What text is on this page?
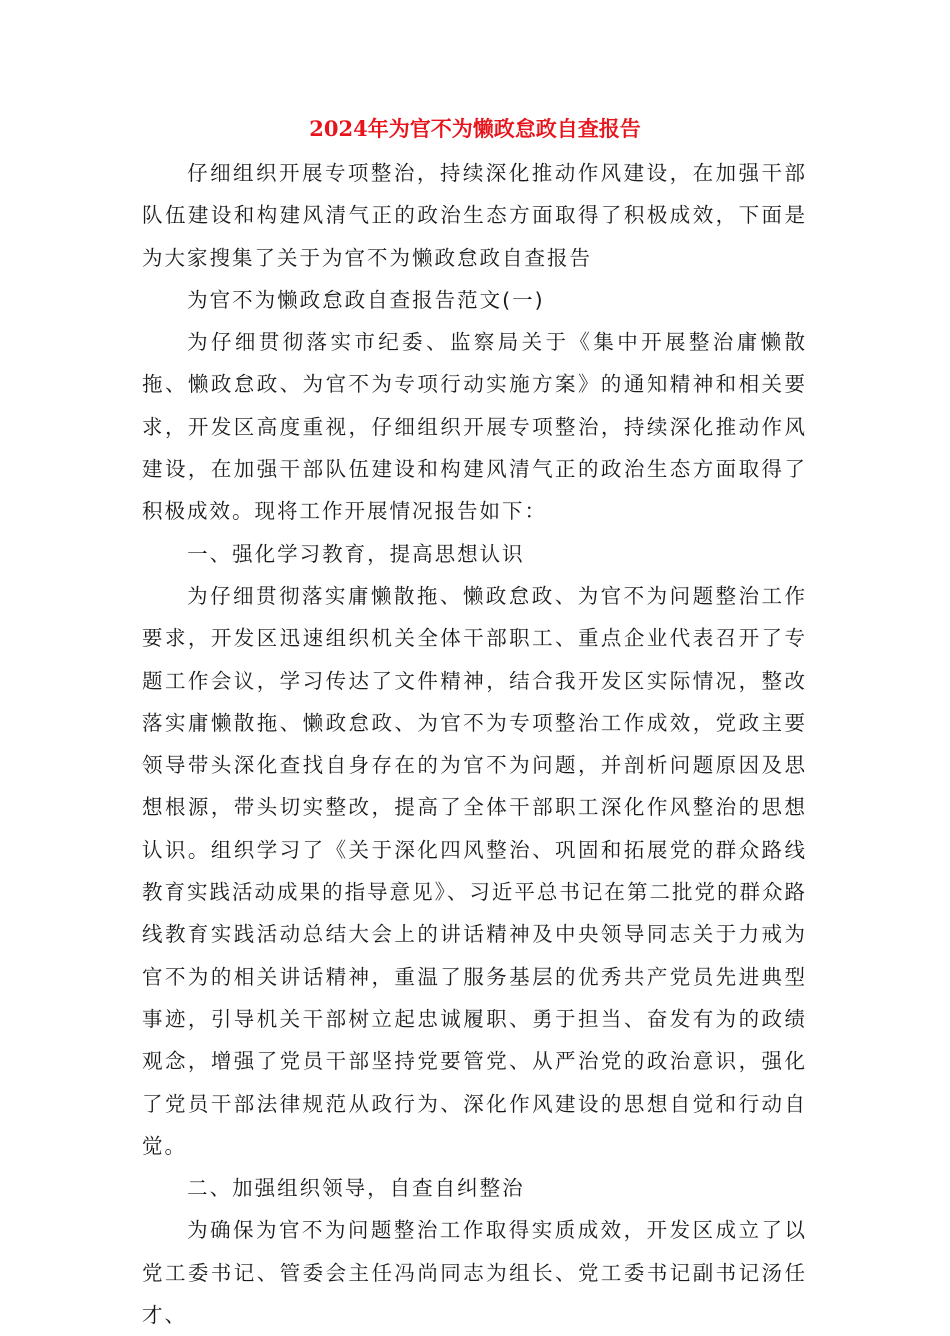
2024年为官不为懒政怠政自查报告

仔细组织开展专项整治，持续深化推动作风建设，在加强干部队伍建设和构建风清气正的政治生态方面取得了积极成效，下面是为大家搜集了关于为官不为懒政怠政自查报告

为官不为懒政怠政自查报告范文(一)

为仔细贯彻落实市纪委、监察局关于《集中开展整治庸懒散拖、懒政怠政、为官不为专项行动实施方案》的通知精神和相关要求，开发区高度重视，仔细组织开展专项整治，持续深化推动作风建设，在加强干部队伍建设和构建风清气正的政治生态方面取得了积极成效。现将工作开展情况报告如下：

一、强化学习教育，提高思想认识

为仔细贯彻落实庸懒散拖、懒政怠政、为官不为问题整治工作要求，开发区迅速组织机关全体干部职工、重点企业代表召开了专题工作会议，学习传达了文件精神，结合我开发区实际情况，整改落实庸懒散拖、懒政怠政、为官不为专项整治工作成效，党政主要领导带头深化查找自身存在的为官不为问题，并剖析问题原因及思想根源，带头切实整改，提高了全体干部职工深化作风整治的思想认识。组织学习了《关于深化四风整治、巩固和拓展党的群众路线教育实践活动成果的指导意见》、习近平总书记在第二批党的群众路线教育实践活动总结大会上的讲话精神及中央领导同志关于力戒为官不为的相关讲话精神，重温了服务基层的优秀共产党员先进典型事迹，引导机关干部树立起忠诚履职、勇于担当、奋发有为的政绩观念，增强了党员干部坚持党要管党、从严治党的政治意识，强化了党员干部法律规范从政行为、深化作风建设的思想自觉和行动自觉。

二、加强组织领导，自查自纠整治

为确保为官不为问题整治工作取得实质成效，开发区成立了以党工委书记、管委会主任冯尚同志为组长、党工委书记副书记汤任才、
